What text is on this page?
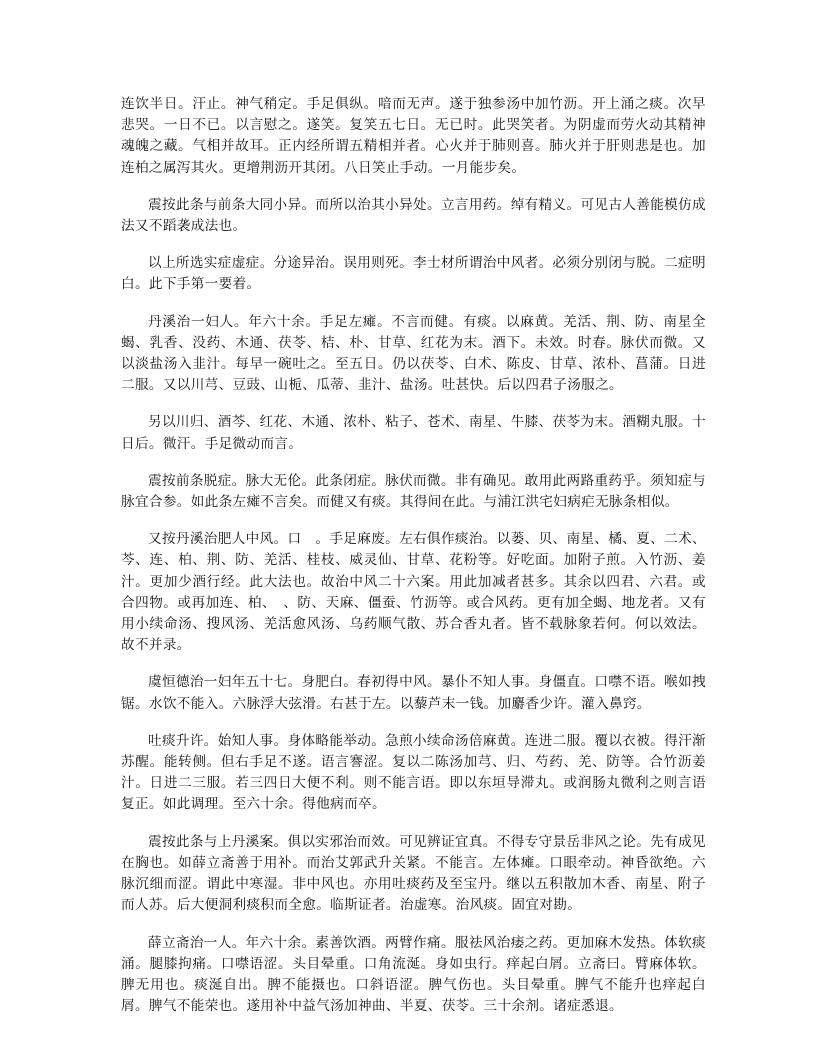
连饮半日。汗止。神气稍定。手足俱纵。喑而无声。遂于独参汤中加竹沥。开上涌之痰。次早悲哭。一日不已。以言慰之。遂笑。复笑五七日。无已时。此哭笑者。为阴虚而劳火动其精神魂魄之藏。气相并故耳。正内经所谓五精相并者。心火并于肺则喜。肺火并于肝则悲是也。加连柏之属泻其火。更增荆沥开其闭。八日笑止手动。一月能步矣。

震按此条与前条大同小异。而所以治其小异处。立言用药。绰有精义。可见古人善能模仿成法又不蹈袭成法也。

以上所选实症虚症。分途异治。误用则死。李士材所谓治中风者。必须分别闭与脱。二症明白。此下手第一要着。

丹溪治一妇人。年六十余。手足左瘫。不言而健。有痰。以麻黄。羌活、荆、防、南星全蝎、乳香、没药、木通、茯苓、桔、朴、甘草、红花为末。酒下。未效。时春。脉伏而微。又以淡盐汤入韭汁。每早一碗吐之。至五日。仍以茯苓、白术、陈皮、甘草、浓朴、菖蒲。日进二服。又以川芎、豆豉、山栀、瓜蒂、韭汁、盐汤。吐甚快。后以四君子汤服之。

另以川归、酒芩、红花、木通、浓朴、粘子、苍术、南星、牛膝、茯苓为末。酒糊丸服。十日后。微汗。手足微动而言。

震按前条脱症。脉大无伦。此条闭症。脉伏而微。非有确见。敢用此两路重药乎。须知症与脉宜合参。如此条左瘫不言矣。而健又有痰。其得间在此。与浦江洪宅妇病疟无脉条相似。

又按丹溪治肥人中风。口　。手足麻废。左右俱作痰治。以蒌、贝、南星、橘、夏、二术、芩、连、柏、荆、防、羌活、桂枝、威灵仙、甘草、花粉等。好吃面。加附子煎。入竹沥、姜汁。更加少酒行经。此大法也。故治中风二十六案。用此加减者甚多。其余以四君、六君。或合四物。或再加连、柏、　、防、天麻、僵蚕、竹沥等。或合风药。更有加全蝎、地龙者。又有用小续命汤、搜风汤、羌活愈风汤、乌药顺气散、苏合香丸者。皆不载脉象若何。何以效法。故不并录。

虞恒德治一妇年五十七。身肥白。春初得中风。暴仆不知人事。身僵直。口噤不语。喉如拽锯。水饮不能入。六脉浮大弦滑。右甚于左。以藜芦末一钱。加麝香少许。灌入鼻窍。

吐痰升许。始知人事。身体略能举动。急煎小续命汤倍麻黄。连进二服。覆以衣被。得汗渐苏醒。能转侧。但右手足不遂。语言謇涩。复以二陈汤加芎、归、芍药、羌、防等。合竹沥姜汁。日进二三服。若三四日大便不利。则不能言语。即以东垣导滞丸。或润肠丸微利之则言语复正。如此调理。至六十余。得他病而卒。

震按此条与上丹溪案。俱以实邪治而效。可见辨证宜真。不得专守景岳非风之论。先有成见在胸也。如薛立斋善于用补。而治艾郭武升关紧。不能言。左体瘫。口眼牵动。神昏欲绝。六脉沉细而涩。谓此中寒湿。非中风也。亦用吐痰药及至宝丹。继以五积散加木香、南星、附子而人苏。后大便洞利痰积而全愈。临斯证者。治虚寒。治风痰。固宜对勘。

薛立斋治一人。年六十余。素善饮酒。两臂作痛。服祛风治痿之药。更加麻木发热。体软痰涌。腿膝拘痛。口噤语涩。头目晕重。口角流涎。身如虫行。痒起白屑。立斋曰。臂麻体软。脾无用也。痰涎自出。脾不能摄也。口斜语涩。脾气伤也。头目晕重。脾气不能升也痒起白屑。脾气不能荣也。遂用补中益气汤加神曲、半夏、茯苓。三十余剂。诸症悉退。
